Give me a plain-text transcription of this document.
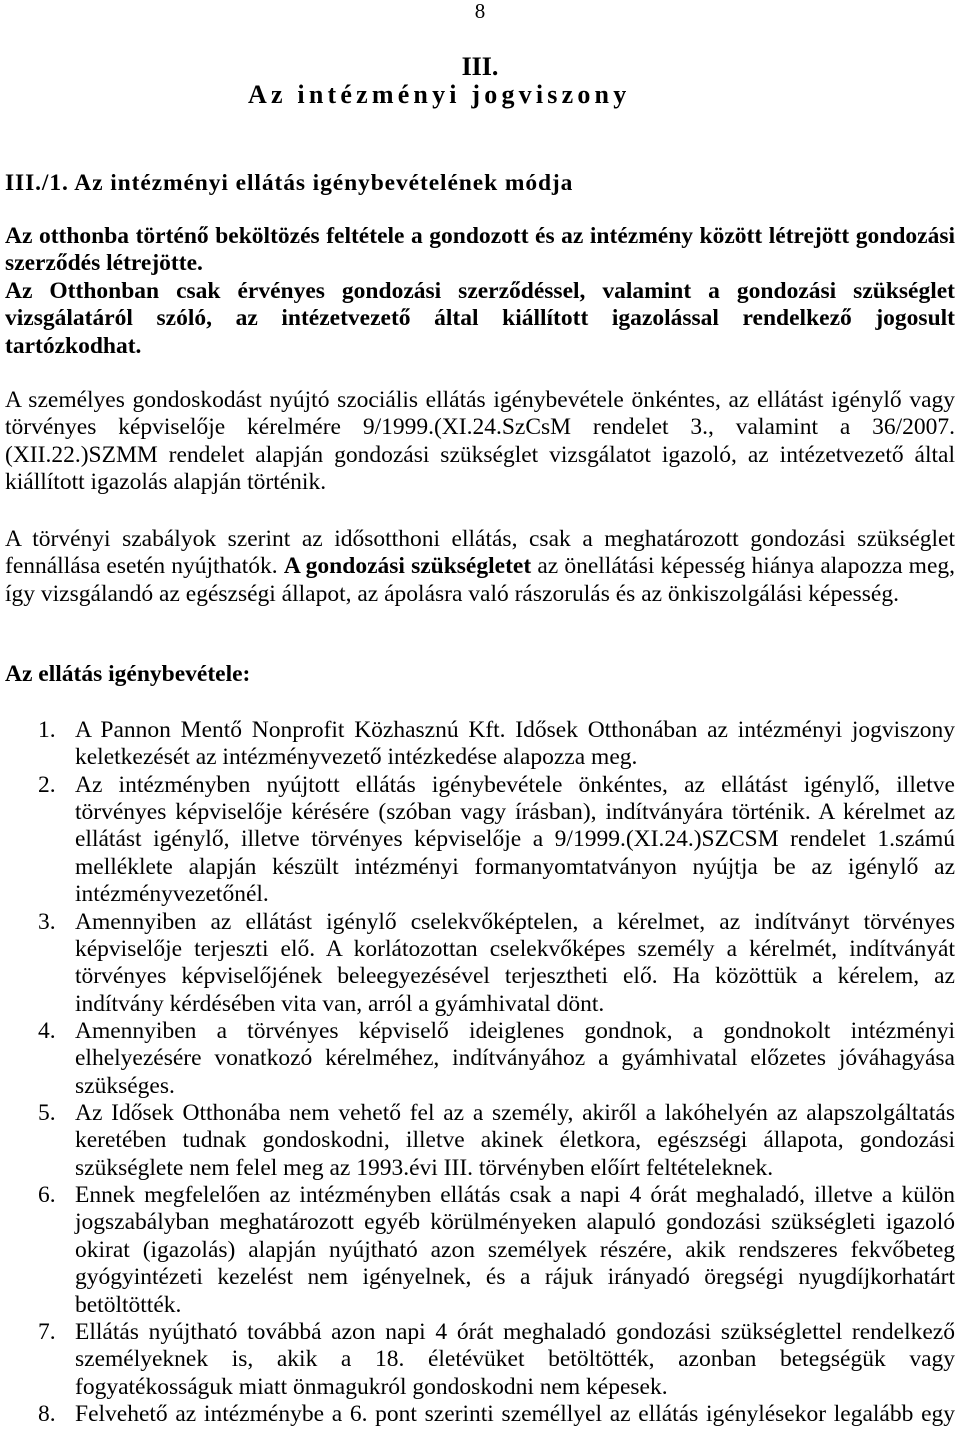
8
III.
Az intézményi jogviszony
III./1. Az intézményi ellátás igénybevételének módja

Az otthonba történő beköltözés feltétele a gondozott és az intézmény között létrejött gondozási szerződés létrejötte.

Az Otthonban csak érvényes gondozási szerződéssel, valamint a gondozási szükséglet vizsgálatáról szóló, az intézetvezető által kiállított igazolással rendelkező jogosult tartózkodhat.

A személyes gondoskodást nyújtó szociális ellátás igénybevétele önkéntes, az ellátást igénylő vagy törvényes képviselője kérelmére 9/1999.(XI.24.SzCsM rendelet 3., valamint a 36/2007. (XII.22.)SZMM rendelet alapján gondozási szükséglet vizsgálatot igazoló, az intézetvezető által kiállított igazolás alapján történik.

A törvényi szabályok szerint az idősotthoni ellátás, csak a meghatározott gondozási szükséglet fennállása esetén nyújthatók. A gondozási szükségletet az önellátási képesség hiánya alapozza meg, így vizsgálandó az egészségi állapot, az ápolásra való rászorulás és az önkiszolgálási képesség.

Az ellátás igénybevétele:
1. A Pannon Mentő Nonprofit Közhasznú Kft. Idősek Otthonában az intézményi jogviszony keletkezését az intézményvezető intézkedése alapozza meg.
2. Az intézményben nyújtott ellátás igénybevétele önkéntes, az ellátást igénylő, illetve törvényes képviselője kérésére (szóban vagy írásban), indítványára történik. A kérelmet az ellátást igénylő, illetve törvényes képviselője a 9/1999.(XI.24.)SZCSM rendelet 1.számú melléklete alapján készült intézményi formanyomtatványon nyújtja be az igénylő az intézményvezetőnél.
3. Amennyiben az ellátást igénylő cselekvőképtelen, a kérelmet, az indítványt törvényes képviselője terjeszti elő. A korlátozottan cselekvőképes személy a kérelmét, indítványát törvényes képviselőjének beleegyezésével terjesztheti elő. Ha közöttük a kérelem, az indítvány kérdésében vita van, arról a gyámhivatal dönt.
4. Amennyiben a törvényes képviselő ideiglenes gondnok, a gondnokolt intézményi elhelyezésére vonatkozó kérelméhez, indítványához a gyámhivatal előzetes jóváhagyása szükséges.
5. Az Idősek Otthonába nem vehető fel az a személy, akiről a lakóhelyén az alapszolgáltatás keretében tudnak gondoskodni, illetve akinek életkora, egészségi állapota, gondozási szükséglete nem felel meg az 1993.évi III. törvényben előírt feltételeknek.
6. Ennek megfelelően az intézményben ellátás csak a napi 4 órát meghaladó, illetve a külön jogszabályban meghatározott egyéb körülményeken alapuló gondozási szükségleti igazoló okirat (igazolás) alapján nyújtható azon személyek részére, akik rendszeres fekvőbeteg gyógyintézeti kezelést nem igényelnek, és a rájuk irányadó öregségi nyugdíjkorhatárt betöltötték.
7. Ellátás nyújtható továbbá azon napi 4 órát meghaladó gondozási szükséglettel rendelkező személyeknek is, akik a 18. életévüket betöltötték, azonban betegségük vagy fogyatékosságuk miatt önmagukról gondoskodni nem képesek.
8. Felvehető az intézménybe a 6. pont szerinti személlyel az ellátás igénylésekor legalább egy
